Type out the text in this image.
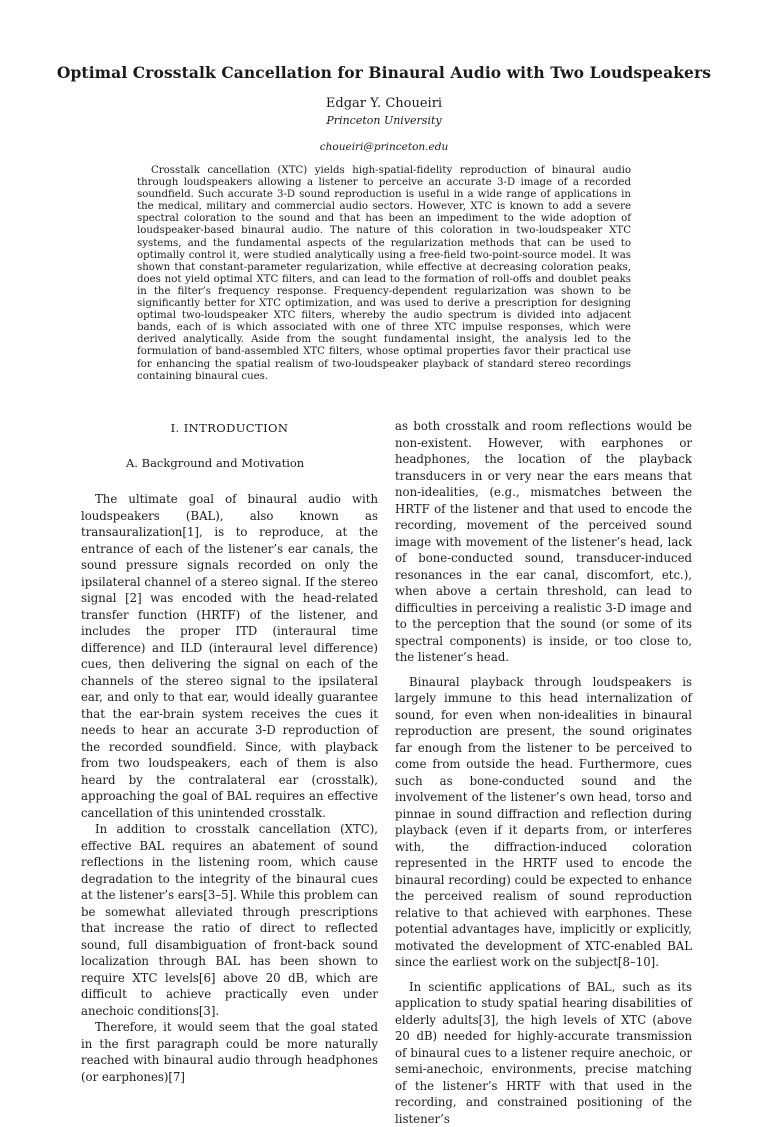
Optimal Crosstalk Cancellation for Binaural Audio with Two Loudspeakers
Edgar Y. Choueiri
Princeton University
choueiri@princeton.edu

Crosstalk cancellation (XTC) yields high-spatial-fidelity reproduction of binaural audio through loudspeakers allowing a listener to perceive an accurate 3-D image of a recorded soundfield. Such accurate 3-D sound reproduction is useful in a wide range of applications in the medical, military and commercial audio sectors. However, XTC is known to add a severe spectral coloration to the sound and that has been an impediment to the wide adoption of loudspeaker-based binaural audio. The nature of this coloration in two-loudspeaker XTC systems, and the fundamental aspects of the regularization methods that can be used to optimally control it, were studied analytically using a free-field two-point-source model. It was shown that constant-parameter regularization, while effective at decreasing coloration peaks, does not yield optimal XTC filters, and can lead to the formation of roll-offs and doublet peaks in the filter’s frequency response. Frequency-dependent regularization was shown to be significantly better for XTC optimization, and was used to derive a prescription for designing optimal two-loudspeaker XTC filters, whereby the audio spectrum is divided into adjacent bands, each of is which associated with one of three XTC impulse responses, which were derived analytically. Aside from the sought fundamental insight, the analysis led to the formulation of band-assembled XTC filters, whose optimal properties favor their practical use for enhancing the spatial realism of two-loudspeaker playback of standard stereo recordings containing binaural cues.

I. INTRODUCTION
A. Background and Motivation

The ultimate goal of binaural audio with loudspeakers (BAL), also known as transauralization[1], is to reproduce, at the entrance of each of the listener’s ear canals, the sound pressure signals recorded on only the ipsilateral channel of a stereo signal. If the stereo signal [2] was encoded with the head-related transfer function (HRTF) of the listener, and includes the proper ITD (interaural time difference) and ILD (interaural level difference) cues, then delivering the signal on each of the channels of the stereo signal to the ipsilateral ear, and only to that ear, would ideally guarantee that the ear-brain system receives the cues it needs to hear an accurate 3-D reproduction of the recorded soundfield. Since, with playback from two loudspeakers, each of them is also heard by the contralateral ear (crosstalk), approaching the goal of BAL requires an effective cancellation of this unintended crosstalk.

In addition to crosstalk cancellation (XTC), effective BAL requires an abatement of sound reflections in the listening room, which cause degradation to the integrity of the binaural cues at the listener’s ears[3–5]. While this problem can be somewhat alleviated through prescriptions that increase the ratio of direct to reflected sound, full disambiguation of front-back sound localization through BAL has been shown to require XTC levels[6] above 20 dB, which are difficult to achieve practically even under anechoic conditions[3].

Therefore, it would seem that the goal stated in the first paragraph could be more naturally reached with binaural audio through headphones (or earphones)[7]

as both crosstalk and room reflections would be non-existent. However, with earphones or headphones, the location of the playback transducers in or very near the ears means that non-idealities, (e.g., mismatches between the HRTF of the listener and that used to encode the recording, movement of the perceived sound image with movement of the listener’s head, lack of bone-conducted sound, transducer-induced resonances in the ear canal, discomfort, etc.), when above a certain threshold, can lead to difficulties in perceiving a realistic 3-D image and to the perception that the sound (or some of its spectral components) is inside, or too close to, the listener’s head.

Binaural playback through loudspeakers is largely immune to this head internalization of sound, for even when non-idealities in binaural reproduction are present, the sound originates far enough from the listener to be perceived to come from outside the head. Furthermore, cues such as bone-conducted sound and the involvement of the listener’s own head, torso and pinnae in sound diffraction and reflection during playback (even if it departs from, or interferes with, the diffraction-induced coloration represented in the HRTF used to encode the binaural recording) could be expected to enhance the perceived realism of sound reproduction relative to that achieved with earphones. These potential advantages have, implicitly or explicitly, motivated the development of XTC-enabled BAL since the earliest work on the subject[8–10].

In scientific applications of BAL, such as its application to study spatial hearing disabilities of elderly adults[3], the high levels of XTC (above 20 dB) needed for highly-accurate transmission of binaural cues to a listener require anechoic, or semi-anechoic, environments, precise matching of the listener’s HRTF with that used in the recording, and constrained positioning of the listener’s
